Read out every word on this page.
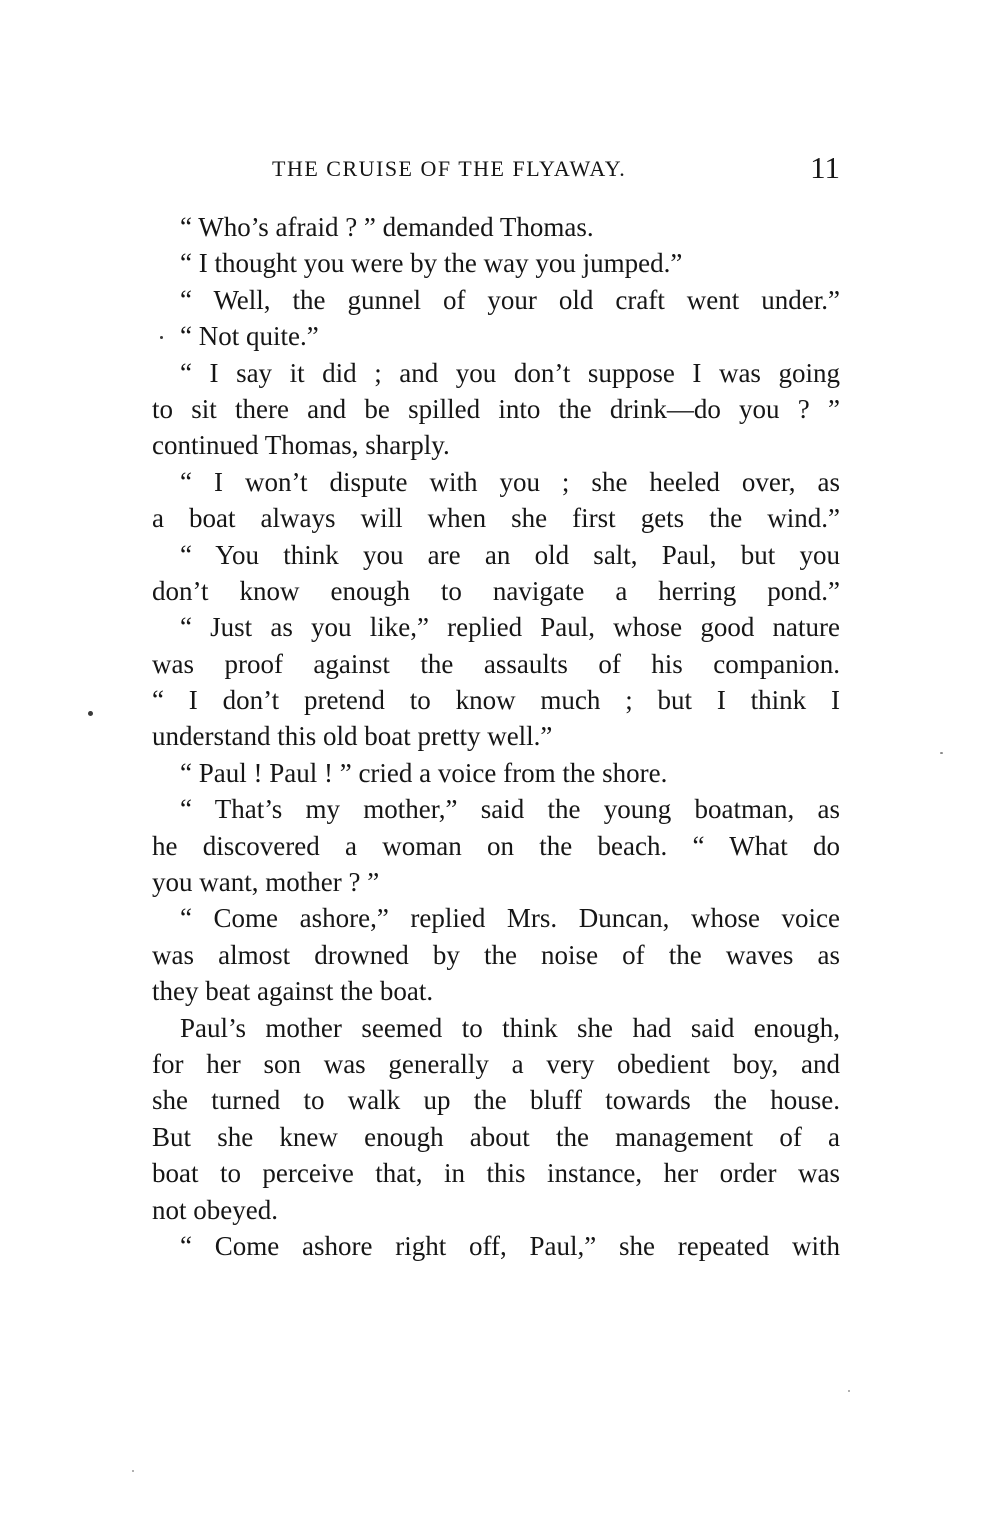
THE CRUISE OF THE FLYAWAY.	11
“ Who’s afraid ? ” demanded Thomas.
“ I thought you were by the way you jumped.”
“ Well, the gunnel of your old craft went under.”
“ Not quite.”
“ I say it did ; and you don’t suppose I was going
to sit there and be spilled into the drink—do you ? ”
continued Thomas, sharply.
“ I won’t dispute with you ; she heeled over, as
a boat always will when she first gets the wind.”
“ You think you are an old salt, Paul, but you
don’t know enough to navigate a herring pond.”
“ Just as you like,” replied Paul, whose good nature
was proof against the assaults of his companion.
“ I don’t pretend to know much ; but I think I
understand this old boat pretty well.”
“ Paul ! Paul ! ” cried a voice from the shore.
“ That’s my mother,” said the young boatman, as
he discovered a woman on the beach. “ What do
you want, mother ? ”
“ Come ashore,” replied Mrs. Duncan, whose voice
was almost drowned by the noise of the waves as
they beat against the boat.
Paul’s mother seemed to think she had said enough,
for her son was generally a very obedient boy, and
she turned to walk up the bluff towards the house.
But she knew enough about the management of a
boat to perceive that, in this instance, her order was
not obeyed.
“ Come ashore right off, Paul,” she repeated with
